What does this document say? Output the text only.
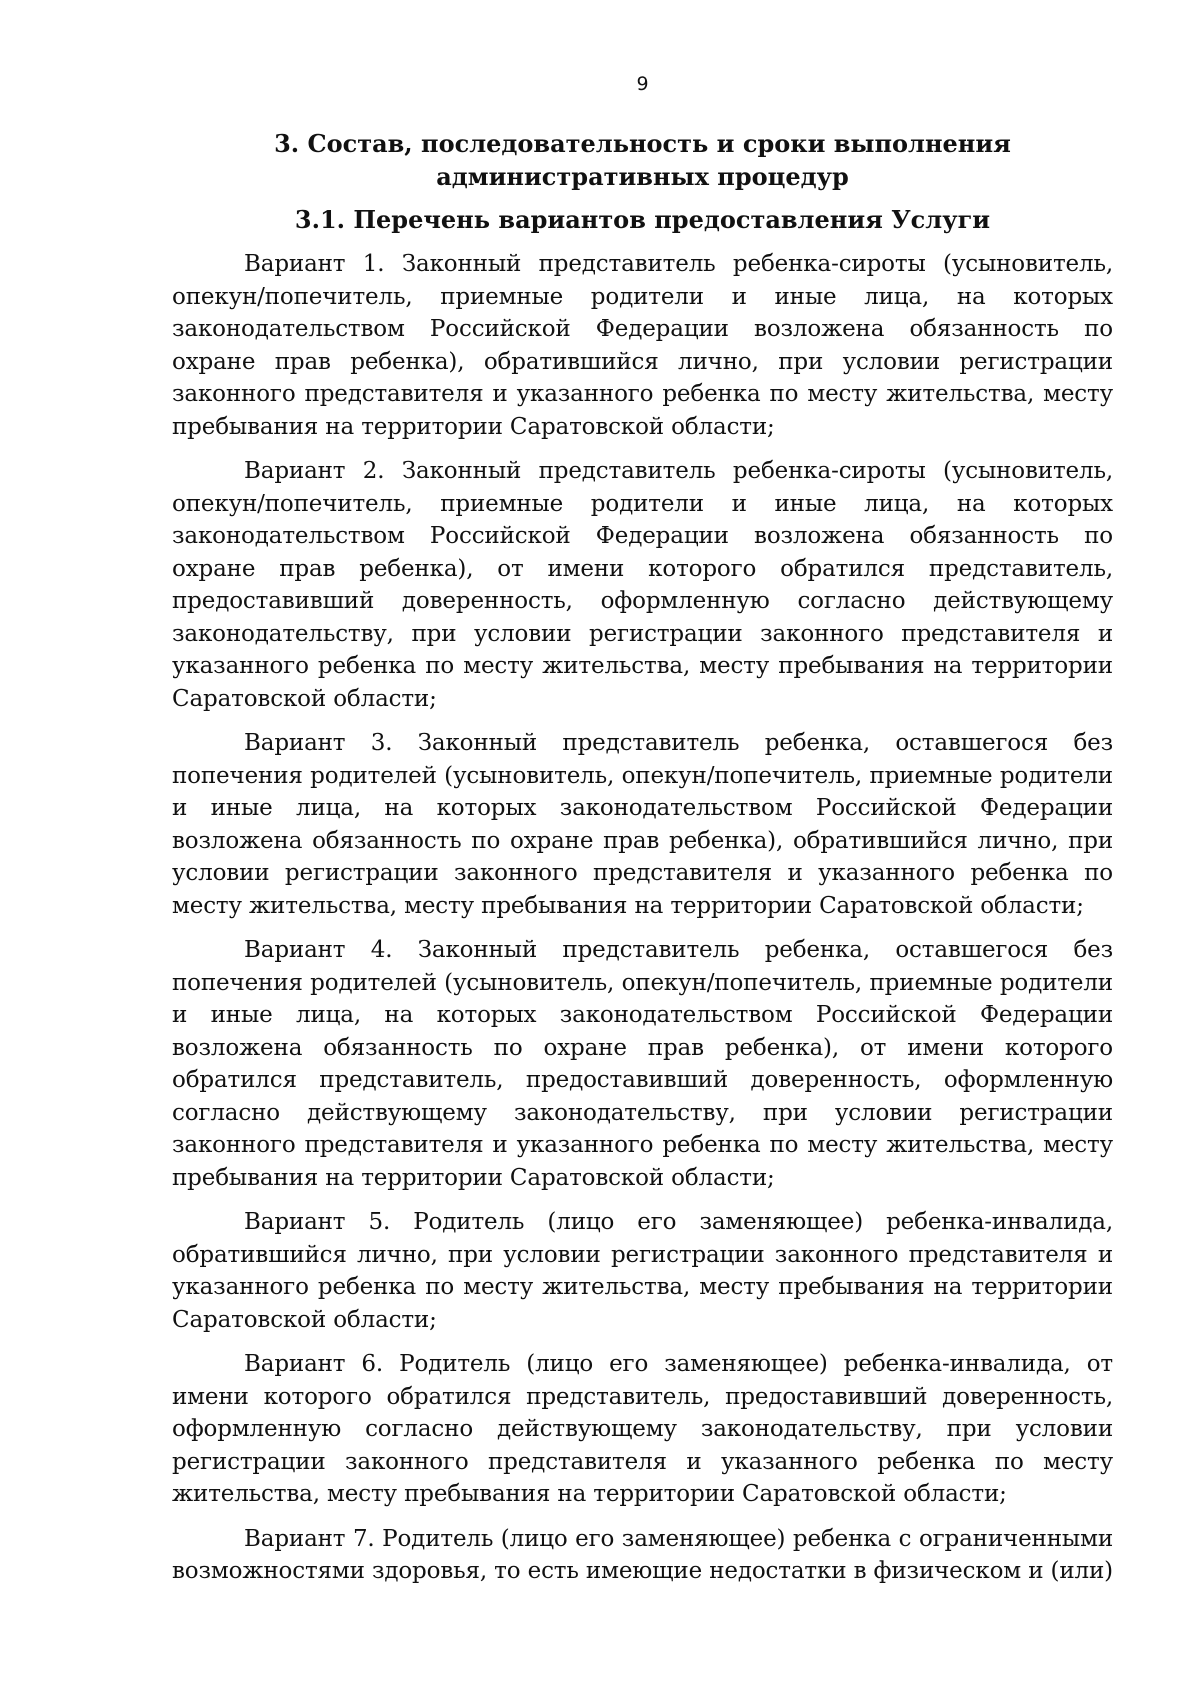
9
3. Состав, последовательность и сроки выполнения административных процедур
3.1. Перечень вариантов предоставления Услуги

Вариант 1. Законный представитель ребенка-сироты (усыновитель, опекун/попечитель, приемные родители и иные лица, на которых законодательством Российской Федерации возложена обязанность по охране прав ребенка), обратившийся лично, при условии регистрации законного представителя и указанного ребенка по месту жительства, месту пребывания на территории Саратовской области;

Вариант 2. Законный представитель ребенка-сироты (усыновитель, опекун/попечитель, приемные родители и иные лица, на которых законодательством Российской Федерации возложена обязанность по охране прав ребенка), от имени которого обратился представитель, предоставивший доверенность, оформленную согласно действующему законодательству, при условии регистрации законного представителя и указанного ребенка по месту жительства, месту пребывания на территории Саратовской области;

Вариант 3. Законный представитель ребенка, оставшегося без попечения родителей (усыновитель, опекун/попечитель, приемные родители и иные лица, на которых законодательством Российской Федерации возложена обязанность по охране прав ребенка), обратившийся лично, при условии регистрации законного представителя и указанного ребенка по месту жительства, месту пребывания на территории Саратовской области;

Вариант 4. Законный представитель ребенка, оставшегося без попечения родителей (усыновитель, опекун/попечитель, приемные родители и иные лица, на которых законодательством Российской Федерации возложена обязанность по охране прав ребенка), от имени которого обратился представитель, предоставивший доверенность, оформленную согласно действующему законодательству, при условии регистрации законного представителя и указанного ребенка по месту жительства, месту пребывания на территории Саратовской области;

Вариант 5. Родитель (лицо его заменяющее) ребенка-инвалида, обратившийся лично, при условии регистрации законного представителя и указанного ребенка по месту жительства, месту пребывания на территории Саратовской области;

Вариант 6. Родитель (лицо его заменяющее) ребенка-инвалида, от имени которого обратился представитель, предоставивший доверенность, оформленную согласно действующему законодательству, при условии регистрации законного представителя и указанного ребенка по месту жительства, месту пребывания на территории Саратовской области;

Вариант 7. Родитель (лицо его заменяющее) ребенка с ограниченными возможностями здоровья, то есть имеющие недостатки в физическом и (или)
